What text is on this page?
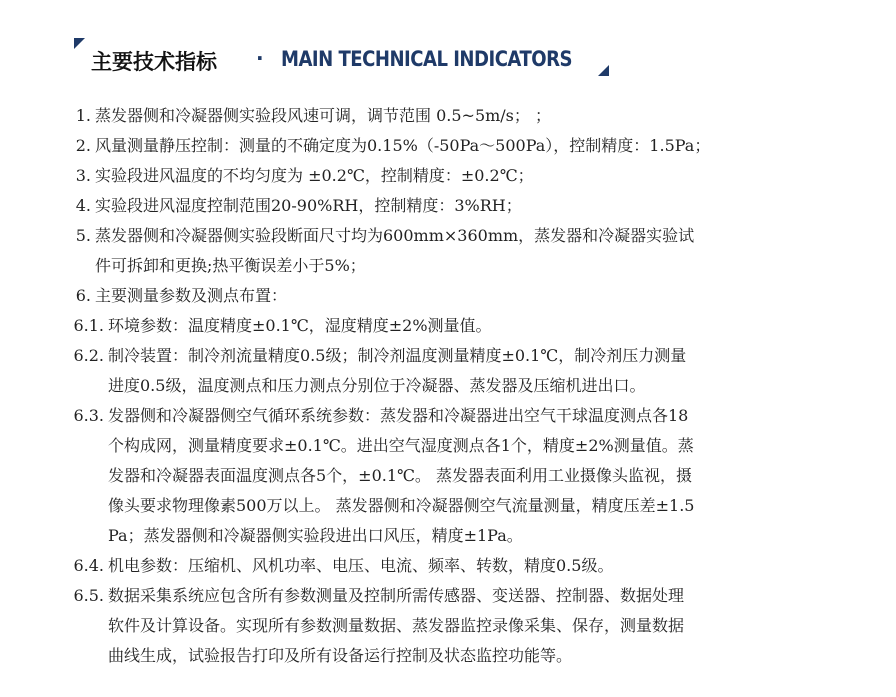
主要技术指标 · MAIN TECHNICAL INDICATORS
1. 蒸发器侧和冷凝器侧实验段风速可调，调节范围 0.5~5m/s； ；
2. 风量测量静压控制：测量的不确定度为0.15%（-50Pa～500Pa），控制精度：1.5Pa；
3. 实验段进风温度的不均匀度为 ±0.2℃，控制精度：±0.2℃；
4. 实验段进风湿度控制范围20-90%RH，控制精度：3%RH；
5. 蒸发器侧和冷凝器侧实验段断面尺寸均为600mm×360mm，蒸发器和冷凝器实验试
件可拆卸和更换;热平衡误差小于5%；
6. 主要测量参数及测点布置：
6.1. 环境参数：温度精度±0.1℃，湿度精度±2%测量值。
6.2. 制冷装置：制冷剂流量精度0.5级；制冷剂温度测量精度±0.1℃，制冷剂压力测量
进度0.5级，温度测点和压力测点分别位于冷凝器、蒸发器及压缩机进出口。
6.3. 发器侧和冷凝器侧空气循环系统参数：蒸发器和冷凝器进出空气干球温度测点各18
个构成网，测量精度要求±0.1℃。进出空气湿度测点各1个，精度±2%测量值。蒸
发器和冷凝器表面温度测点各5个，±0.1℃。 蒸发器表面利用工业摄像头监视，摄
像头要求物理像素500万以上。 蒸发器侧和冷凝器侧空气流量测量，精度压差±1.5
Pa；蒸发器侧和冷凝器侧实验段进出口风压，精度±1Pa。
6.4. 机电参数：压缩机、风机功率、电压、电流、频率、转数，精度0.5级。
6.5. 数据采集系统应包含所有参数测量及控制所需传感器、变送器、控制器、数据处理
软件及计算设备。实现所有参数测量数据、蒸发器监控录像采集、保存，测量数据
曲线生成，试验报告打印及所有设备运行控制及状态监控功能等。
